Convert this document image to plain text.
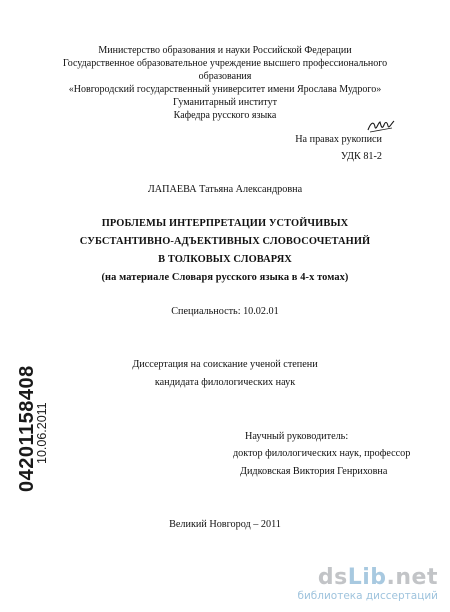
Министерство образования и науки Российской Федерации
Государственное образовательное учреждение высшего профессионального
образования
«Новгородский государственный университет имени Ярослава Мудрого»
Гуманитарный институт
Кафедра русского языка
На правах рукописи
УДК 81-2
ЛАПАЕВА Татьяна Александровна
ПРОБЛЕМЫ ИНТЕРПРЕТАЦИИ УСТОЙЧИВЫХ
СУБСТАНТИВНО-АДЪЕКТИВНЫХ СЛОВОСОЧЕТАНИЙ
В ТОЛКОВЫХ СЛОВАРЯХ
(на материале Словаря русского языка в 4-х томах)
Специальность: 10.02.01
Диссертация на соискание ученой степени
кандидата филологических наук
Научный руководитель:
доктор филологических наук, профессор
Дидковская Виктория Генриховна
Великий Новгород – 2011
04201158408
10.06.2011
dsLib.net
библиотека диссертаций
